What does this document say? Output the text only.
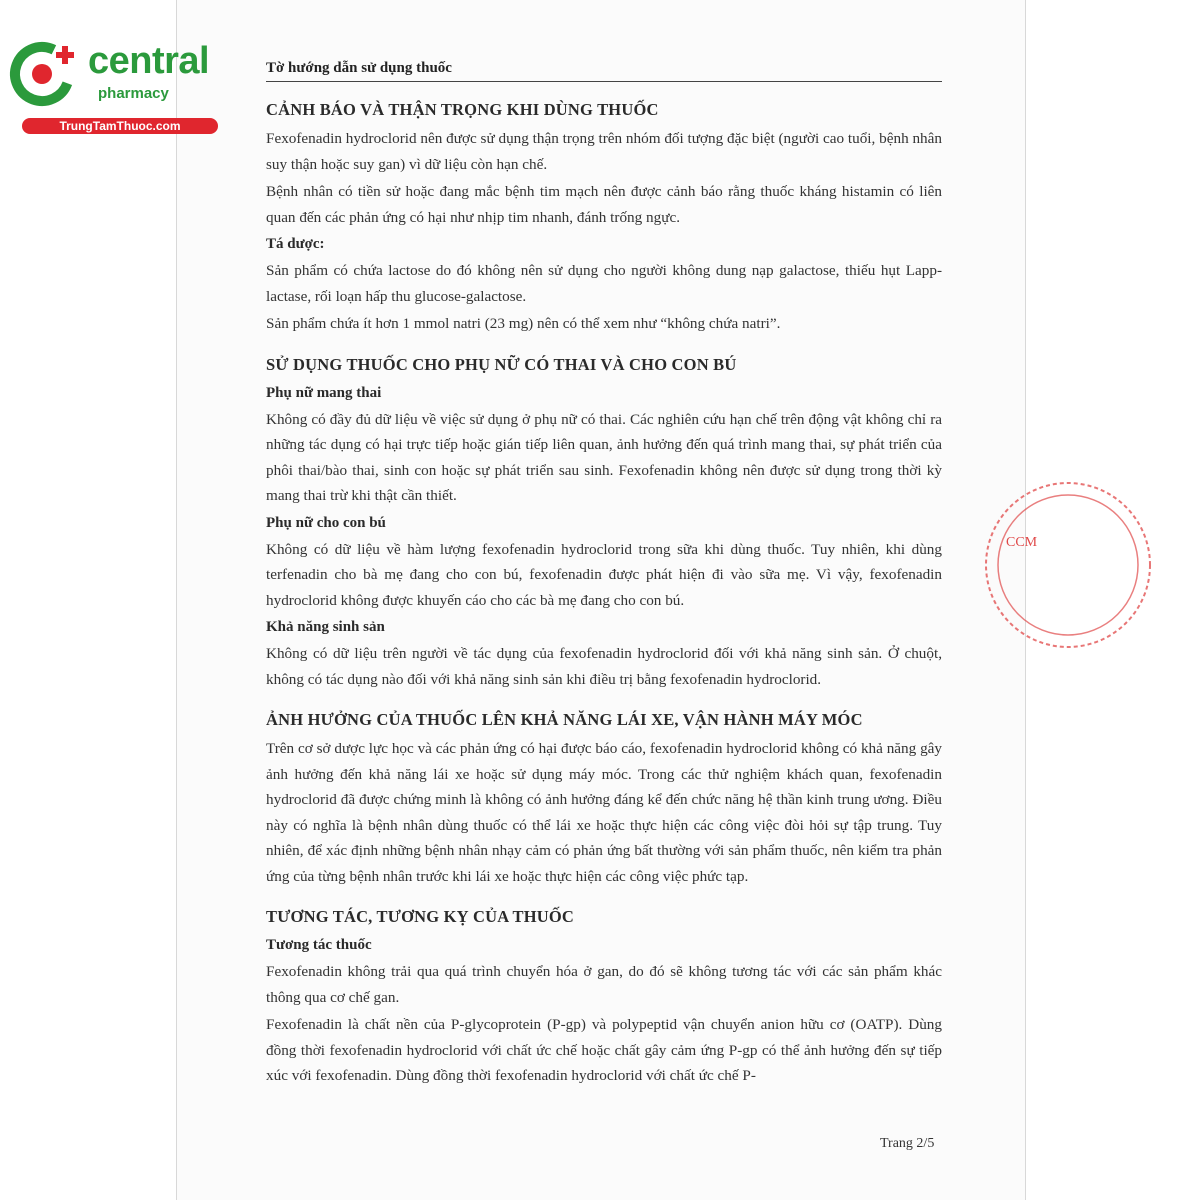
central
pharmacy
TrungTamThuoc.com
CCM
Tờ hướng dẫn sử dụng thuốc
CẢNH BÁO VÀ THẬN TRỌNG KHI DÙNG THUỐC

Fexofenadin hydroclorid nên được sử dụng thận trọng trên nhóm đối tượng đặc biệt (người cao tuổi, bệnh nhân suy thận hoặc suy gan) vì dữ liệu còn hạn chế.

Bệnh nhân có tiền sử hoặc đang mắc bệnh tim mạch nên được cảnh báo rằng thuốc kháng histamin có liên quan đến các phản ứng có hại như nhịp tim nhanh, đánh trống ngực.

Tá dược:

Sản phẩm có chứa lactose do đó không nên sử dụng cho người không dung nạp galactose, thiếu hụt Lapp-lactase, rối loạn hấp thu glucose-galactose.

Sản phẩm chứa ít hơn 1 mmol natri (23 mg) nên có thể xem như “không chứa natri”.

SỬ DỤNG THUỐC CHO PHỤ NỮ CÓ THAI VÀ CHO CON BÚ
Phụ nữ mang thai

Không có đầy đủ dữ liệu về việc sử dụng ở phụ nữ có thai. Các nghiên cứu hạn chế trên động vật không chỉ ra những tác dụng có hại trực tiếp hoặc gián tiếp liên quan, ảnh hưởng đến quá trình mang thai, sự phát triển của phôi thai/bào thai, sinh con hoặc sự phát triển sau sinh. Fexofenadin không nên được sử dụng trong thời kỳ mang thai trừ khi thật cần thiết.

Phụ nữ cho con bú

Không có dữ liệu về hàm lượng fexofenadin hydroclorid trong sữa khi dùng thuốc. Tuy nhiên, khi dùng terfenadin cho bà mẹ đang cho con bú, fexofenadin được phát hiện đi vào sữa mẹ. Vì vậy, fexofenadin hydroclorid không được khuyến cáo cho các bà mẹ đang cho con bú.

Khả năng sinh sản

Không có dữ liệu trên người về tác dụng của fexofenadin hydroclorid đối với khả năng sinh sản. Ở chuột, không có tác dụng nào đối với khả năng sinh sản khi điều trị bằng fexofenadin hydroclorid.

ẢNH HƯỞNG CỦA THUỐC LÊN KHẢ NĂNG LÁI XE, VẬN HÀNH MÁY MÓC

Trên cơ sở dược lực học và các phản ứng có hại được báo cáo, fexofenadin hydroclorid không có khả năng gây ảnh hưởng đến khả năng lái xe hoặc sử dụng máy móc. Trong các thử nghiệm khách quan, fexofenadin hydroclorid đã được chứng minh là không có ảnh hưởng đáng kể đến chức năng hệ thần kinh trung ương. Điều này có nghĩa là bệnh nhân dùng thuốc có thể lái xe hoặc thực hiện các công việc đòi hỏi sự tập trung. Tuy nhiên, để xác định những bệnh nhân nhạy cảm có phản ứng bất thường với sản phẩm thuốc, nên kiểm tra phản ứng của từng bệnh nhân trước khi lái xe hoặc thực hiện các công việc phức tạp.

TƯƠNG TÁC, TƯƠNG KỴ CỦA THUỐC
Tương tác thuốc

Fexofenadin không trải qua quá trình chuyển hóa ở gan, do đó sẽ không tương tác với các sản phẩm khác thông qua cơ chế gan.

Fexofenadin là chất nền của P-glycoprotein (P-gp) và polypeptid vận chuyển anion hữu cơ (OATP). Dùng đồng thời fexofenadin hydroclorid với chất ức chế hoặc chất gây cảm ứng P-gp có thể ảnh hưởng đến sự tiếp xúc với fexofenadin. Dùng đồng thời fexofenadin hydroclorid với chất ức chế P-

Trang 2/5
